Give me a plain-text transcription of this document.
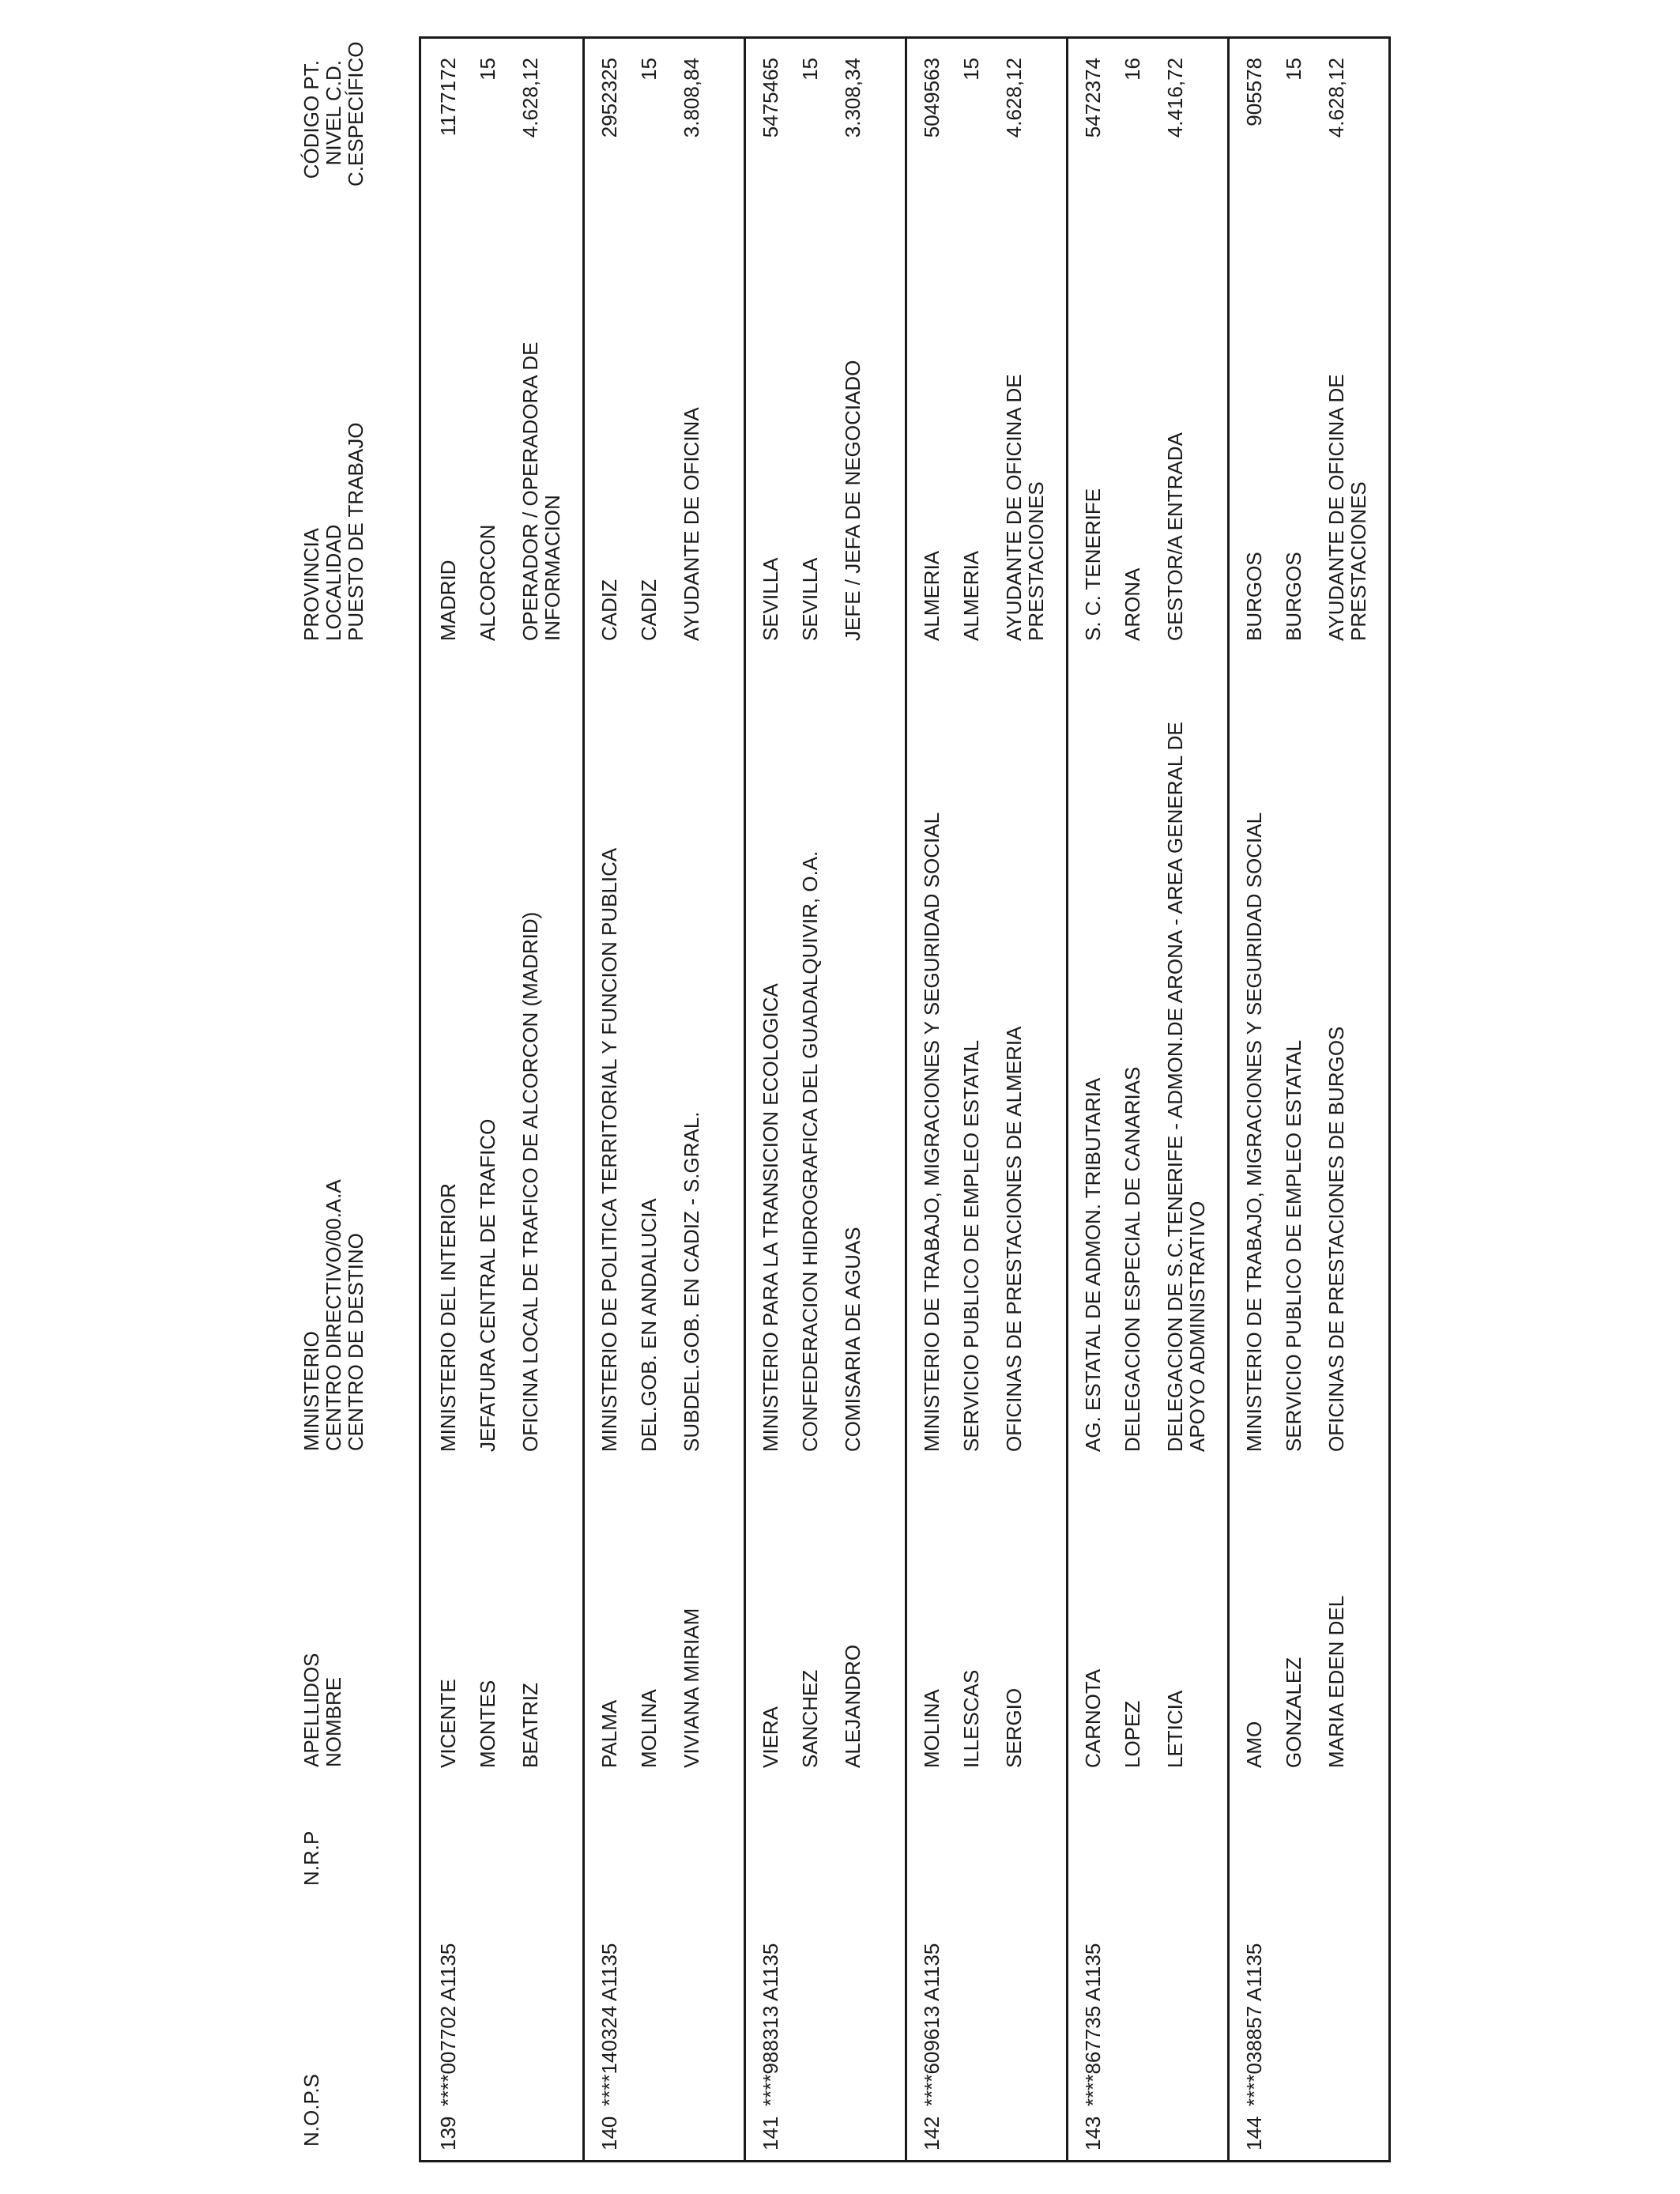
N.O.P.S
N.R.P
APELLIDOS
NOMBRE
MINISTERIO
CENTRO DIRECTIVO/00.A.A
CENTRO DE DESTINO
PROVINCIA
LOCALIDAD
PUESTO DE TRABAJO
CÓDIGO PT.
NIVEL C.D.
C.ESPECÍFICO
139
****007702 A1135
VICENTE MONTES BEATRIZ
MINISTERIO DEL INTERIOR JEFATURA CENTRAL DE TRAFICO OFICINA LOCAL DE TRAFICO DE ALCORCON (MADRID)
MADRID ALCORCON OPERADOR / OPERADORA DE INFORMACION
1177172 15 4.628,12
140
****140324 A1135
PALMA MOLINA VIVIANA MIRIAM
MINISTERIO DE POLITICA TERRITORIAL Y FUNCION PUBLICA DEL.GOB. EN ANDALUCIA SUBDEL.GOB. EN CADIZ - S.GRAL.
CADIZ CADIZ AYUDANTE DE OFICINA
2952325 15 3.808,84
141
****988313 A1135
VIERA SANCHEZ ALEJANDRO
MINISTERIO PARA LA TRANSICION ECOLOGICA CONFEDERACION HIDROGRAFICA DEL GUADALQUIVIR, O.A. COMISARIA DE AGUAS
SEVILLA SEVILLA JEFE / JEFA DE NEGOCIADO
5475465 15 3.308,34
142
****609613 A1135
MOLINA ILLESCAS SERGIO
MINISTERIO DE TRABAJO, MIGRACIONES Y SEGURIDAD SOCIAL SERVICIO PUBLICO DE EMPLEO ESTATAL OFICINAS DE PRESTACIONES DE ALMERIA
ALMERIA ALMERIA AYUDANTE DE OFICINA DE PRESTACIONES
5049563 15 4.628,12
143
****867735 A1135
CARNOTA LOPEZ LETICIA
AG. ESTATAL DE ADMON. TRIBUTARIA DELEGACION ESPECIAL DE CANARIAS DELEGACION DE S.C.TENERIFE - ADMON.DE ARONA - AREA GENERAL DE APOYO ADMINISTRATIVO
S. C. TENERIFE ARONA GESTOR/A ENTRADA
5472374 16 4.416,72
144
****038857 A1135
AMO GONZALEZ MARIA EDEN DEL
MINISTERIO DE TRABAJO, MIGRACIONES Y SEGURIDAD SOCIAL SERVICIO PUBLICO DE EMPLEO ESTATAL OFICINAS DE PRESTACIONES DE BURGOS
BURGOS BURGOS AYUDANTE DE OFICINA DE PRESTACIONES
905578 15 4.628,12
